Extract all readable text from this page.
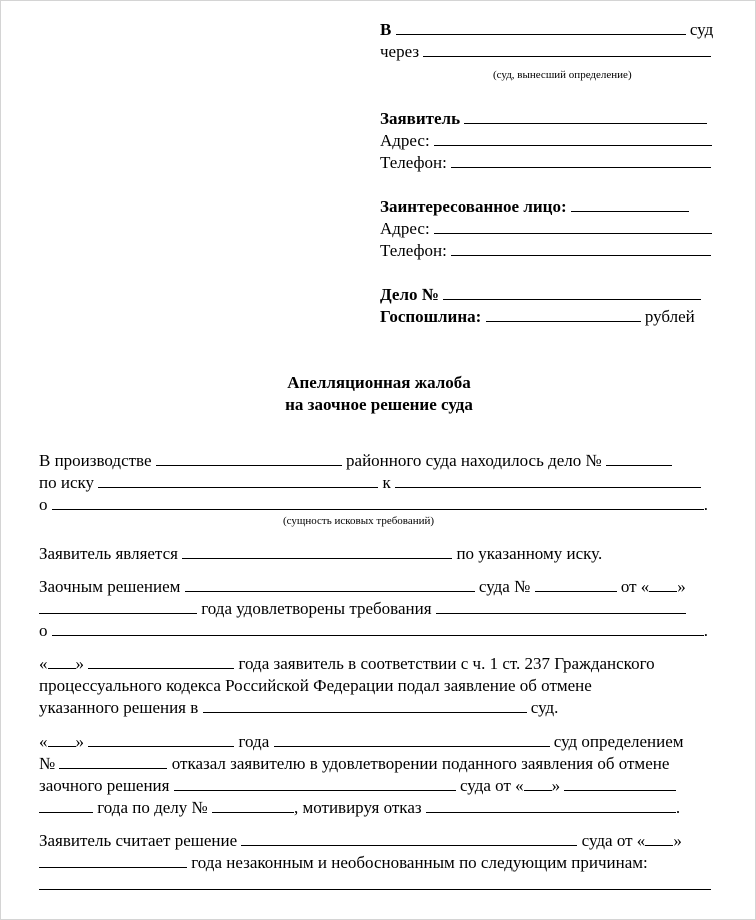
В	суд
через
(суд, вынесший определение)
Заявитель
Адрес:
Телефон:
Заинтересованное лицо:
Адрес:
Телефон:
Дело №
Госпошлина:	рублей
Апелляционная жалоба
на заочное решение суда
В производстве	районного суда находилось дело №
по иску	к
о	.
(сущность исковых требований)
Заявитель является	по указанному иску.
Заочным решением	суда №	от « »
года удовлетворены требования
о	.
« »	года заявитель в соответствии с ч. 1 ст. 237 Гражданского
процессуального кодекса Российской Федерации подал заявление об отмене
указанного решения в	суд.
« »	года	суд определением
№	отказал заявителю в удовлетворении поданного заявления об отмене
заочного решения	суда от « »
года по делу №	, мотивируя отказ	.
Заявитель считает решение	суда от « »
года незаконным и необоснованным по следующим причинам:
